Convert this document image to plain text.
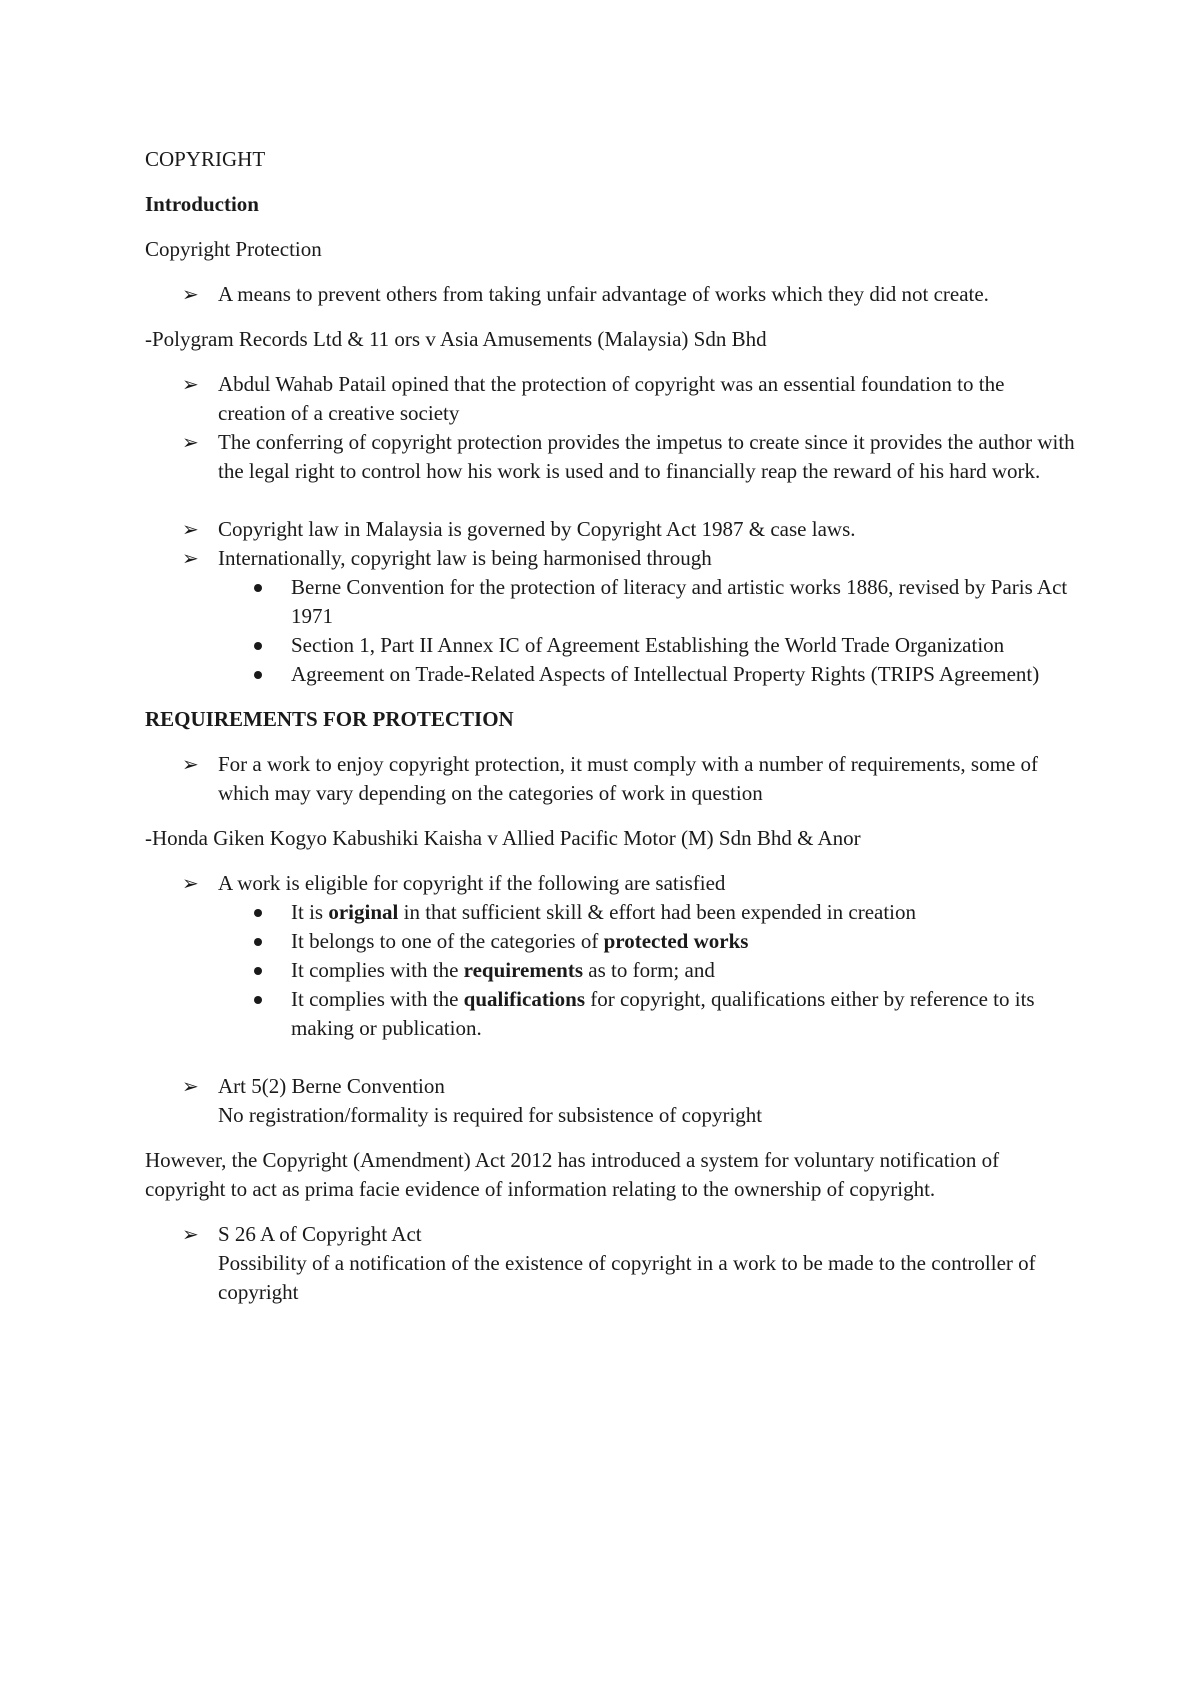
COPYRIGHT

Introduction

Copyright Protection

➢ A means to prevent others from taking unfair advantage of works which they did not create.

-Polygram Records Ltd & 11 ors v Asia Amusements (Malaysia) Sdn Bhd

➢ Abdul Wahab Patail opined that the protection of copyright was an essential foundation to the creation of a creative society
➢ The conferring of copyright protection provides the impetus to create since it provides the author with the legal right to control how his work is used and to financially reap the reward of his hard work.
➢ Copyright law in Malaysia is governed by Copyright Act 1987 & case laws.
➢ Internationally, copyright law is being harmonised through
Berne Convention for the protection of literacy and artistic works 1886, revised by Paris Act 1971
Section 1, Part II Annex IC of Agreement Establishing the World Trade Organization
Agreement on Trade-Related Aspects of Intellectual Property Rights (TRIPS Agreement)

REQUIREMENTS FOR PROTECTION

➢ For a work to enjoy copyright protection, it must comply with a number of requirements, some of which may vary depending on the categories of work in question

-Honda Giken Kogyo Kabushiki Kaisha v Allied Pacific Motor (M) Sdn Bhd & Anor

➢ A work is eligible for copyright if the following are satisfied
It is original in that sufficient skill & effort had been expended in creation
It belongs to one of the categories of protected works
It complies with the requirements as to form; and
It complies with the qualifications for copyright, qualifications either by reference to its making or publication.
➢ Art 5(2) Berne Convention
No registration/formality is required for subsistence of copyright

However, the Copyright (Amendment) Act 2012 has introduced a system for voluntary notification of copyright to act as prima facie evidence of information relating to the ownership of copyright.

➢ S 26 A of Copyright Act
Possibility of a notification of the existence of copyright in a work to be made to the controller of copyright
